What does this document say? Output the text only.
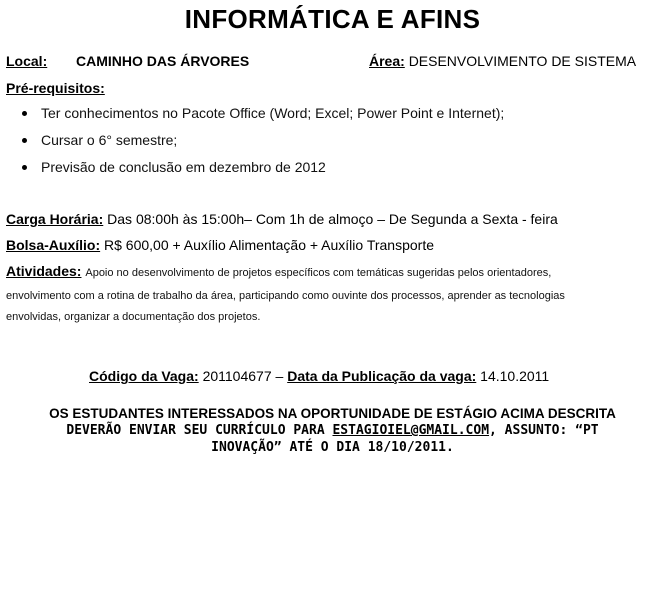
INFORMÁTICA E AFINS
Local: CAMINHO DAS ÁRVORES	Área: DESENVOLVIMENTO DE SISTEMA
Pré-requisitos:
Ter conhecimentos no Pacote Office (Word; Excel; Power Point e Internet);
Cursar o 6° semestre;
Previsão de conclusão em dezembro de 2012
Carga Horária: Das 08:00h às 15:00h– Com 1h de almoço – De Segunda a Sexta - feira
Bolsa-Auxílio: R$ 600,00 + Auxílio Alimentação + Auxílio Transporte
Atividades: Apoio no desenvolvimento de projetos específicos com temáticas sugeridas pelos orientadores,
envolvimento com a rotina de trabalho da área, participando como ouvinte dos processos, aprender as tecnologias
envolvidas, organizar a documentação dos projetos.
Código da Vaga: 201104677 – Data da Publicação da vaga: 14.10.2011
OS ESTUDANTES INTERESSADOS NA OPORTUNIDADE DE ESTÁGIO ACIMA DESCRITA
DEVERÃO ENVIAR SEU CURRÍCULO PARA ESTAGIOIEL@GMAIL.COM, ASSUNTO: “PT
INOVAÇÃO” ATÉ O DIA 18/10/2011.
